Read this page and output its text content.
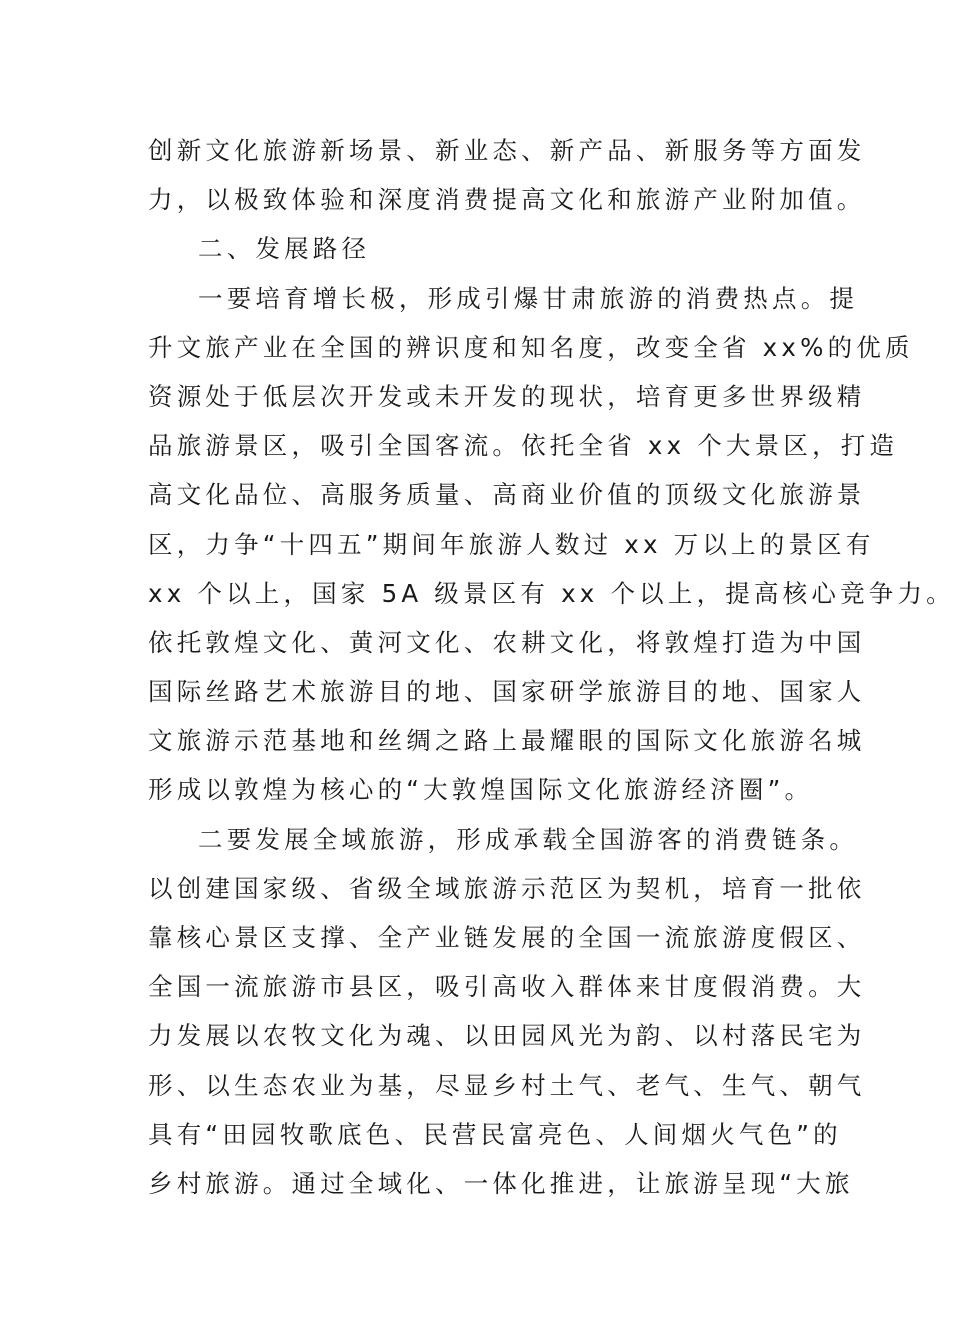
创新文化旅游新场景、新业态、新产品、新服务等方面发
力，以极致体验和深度消费提高文化和旅游产业附加值。
二、发展路径
一要培育增长极，形成引爆甘肃旅游的消费热点。提
升文旅产业在全国的辨识度和知名度，改变全省 xx%的优质
资源处于低层次开发或未开发的现状，培育更多世界级精
品旅游景区，吸引全国客流。依托全省 xx 个大景区，打造
高文化品位、高服务质量、高商业价值的顶级文化旅游景
区，力争“十四五”期间年旅游人数过 xx 万以上的景区有
xx 个以上，国家 5A 级景区有 xx 个以上，提高核心竞争力。
依托敦煌文化、黄河文化、农耕文化，将敦煌打造为中国
国际丝路艺术旅游目的地、国家研学旅游目的地、国家人
文旅游示范基地和丝绸之路上最耀眼的国际文化旅游名城
形成以敦煌为核心的“大敦煌国际文化旅游经济圈”。
二要发展全域旅游，形成承载全国游客的消费链条。
以创建国家级、省级全域旅游示范区为契机，培育一批依
靠核心景区支撑、全产业链发展的全国一流旅游度假区、
全国一流旅游市县区，吸引高收入群体来甘度假消费。大
力发展以农牧文化为魂、以田园风光为韵、以村落民宅为
形、以生态农业为基，尽显乡村土气、老气、生气、朝气
具有“田园牧歌底色、民营民富亮色、人间烟火气色”的
乡村旅游。通过全域化、一体化推进，让旅游呈现“大旅
